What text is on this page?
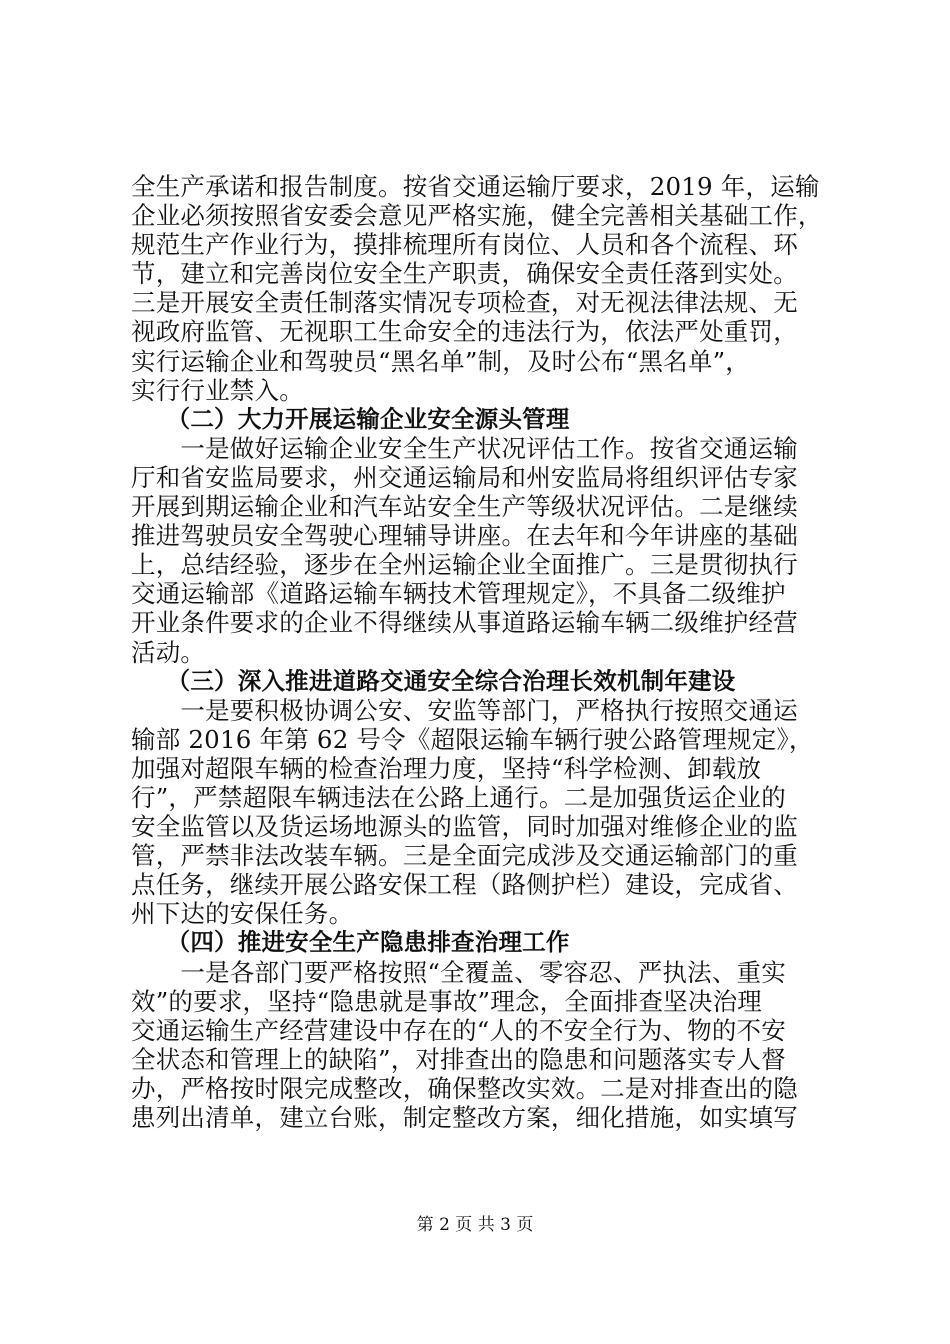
全生产承诺和报告制度。按省交通运输厅要求，2019 年，运输
企业必须按照省安委会意见严格实施，健全完善相关基础工作，
规范生产作业行为，摸排梳理所有岗位、人员和各个流程、环
节，建立和完善岗位安全生产职责，确保安全责任落到实处。
三是开展安全责任制落实情况专项检查，对无视法律法规、无
视政府监管、无视职工生命安全的违法行为，依法严处重罚，
实行运输企业和驾驶员“黑名单”制，及时公布“黑名单”，
实行行业禁入。
　　（二）大力开展运输企业安全源头管理
　　一是做好运输企业安全生产状况评估工作。按省交通运输
厅和省安监局要求，州交通运输局和州安监局将组织评估专家
开展到期运输企业和汽车站安全生产等级状况评估。二是继续
推进驾驶员安全驾驶心理辅导讲座。在去年和今年讲座的基础
上，总结经验，逐步在全州运输企业全面推广。三是贯彻执行
交通运输部《道路运输车辆技术管理规定》，不具备二级维护
开业条件要求的企业不得继续从事道路运输车辆二级维护经营
活动。
　　（三）深入推进道路交通安全综合治理长效机制年建设
　　一是要积极协调公安、安监等部门，严格执行按照交通运
输部 2016 年第 62 号令《超限运输车辆行驶公路管理规定》，
加强对超限车辆的检查治理力度，坚持“科学检测、卸载放
行”，严禁超限车辆违法在公路上通行。二是加强货运企业的
安全监管以及货运场地源头的监管，同时加强对维修企业的监
管，严禁非法改装车辆。三是全面完成涉及交通运输部门的重
点任务，继续开展公路安保工程（路侧护栏）建设，完成省、
州下达的安保任务。
　　（四）推进安全生产隐患排查治理工作
　　一是各部门要严格按照“全覆盖、零容忍、严执法、重实
效”的要求，坚持“隐患就是事故”理念，全面排查坚决治理
交通运输生产经营建设中存在的“人的不安全行为、物的不安
全状态和管理上的缺陷”，对排查出的隐患和问题落实专人督
办，严格按时限完成整改，确保整改实效。二是对排查出的隐
患列出清单，建立台账，制定整改方案，细化措施，如实填写
第 2 页 共 3 页
